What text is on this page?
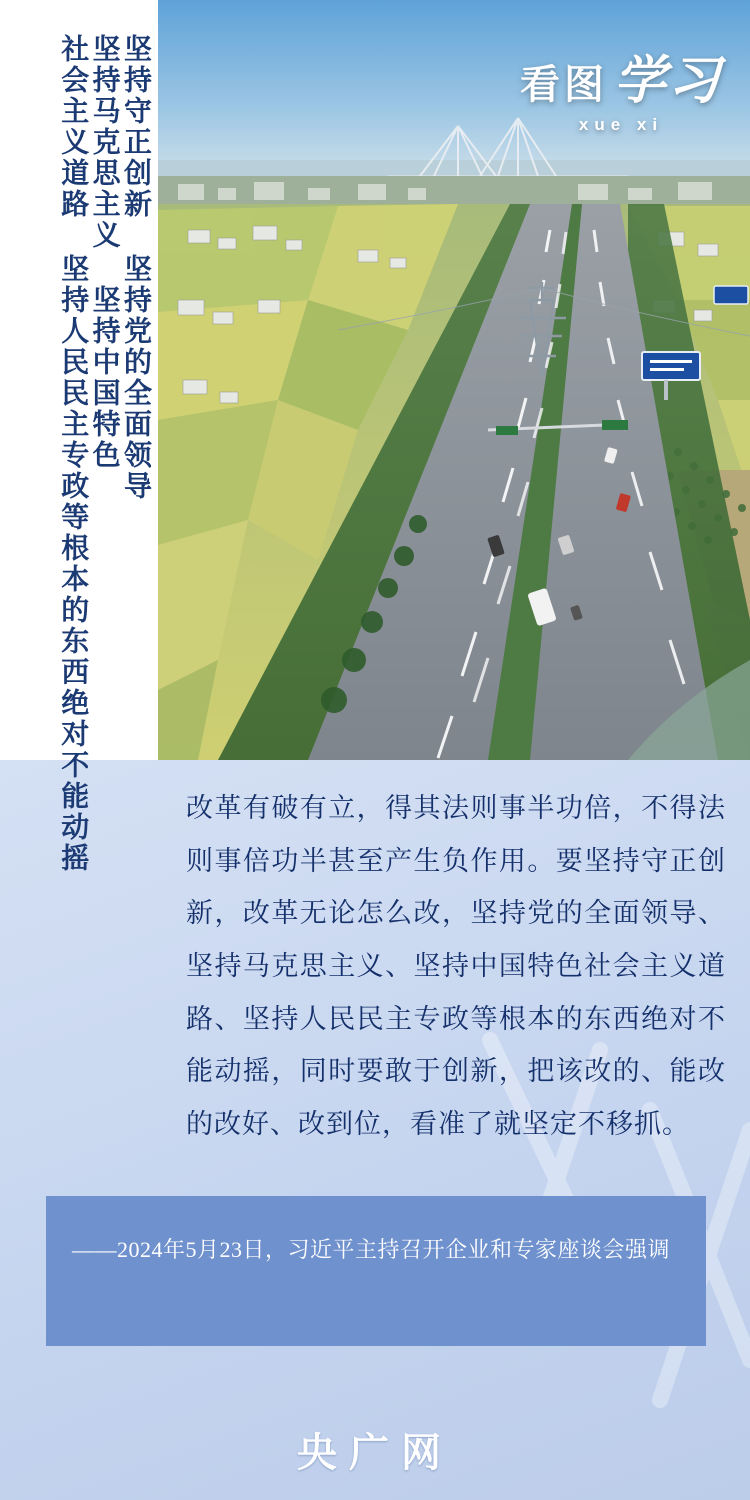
坚持守正创新 坚持党的全面领导
坚持马克思主义 坚持中国特色
社会主义道路 坚持人民民主专政等根本的东西绝对不能动摇	看图 学习
xue xi
改革有破有立，得其法则事半功倍，不得法则事倍功半甚至产生负作用。要坚持守正创新，改革无论怎么改，坚持党的全面领导、坚持马克思主义、坚持中国特色社会主义道路、坚持人民民主专政等根本的东西绝对不能动摇，同时要敢于创新，把该改的、能改的改好、改到位，看准了就坚定不移抓。
——2024年5月23日，习近平主持召开企业和专家座谈会强调
央广网
